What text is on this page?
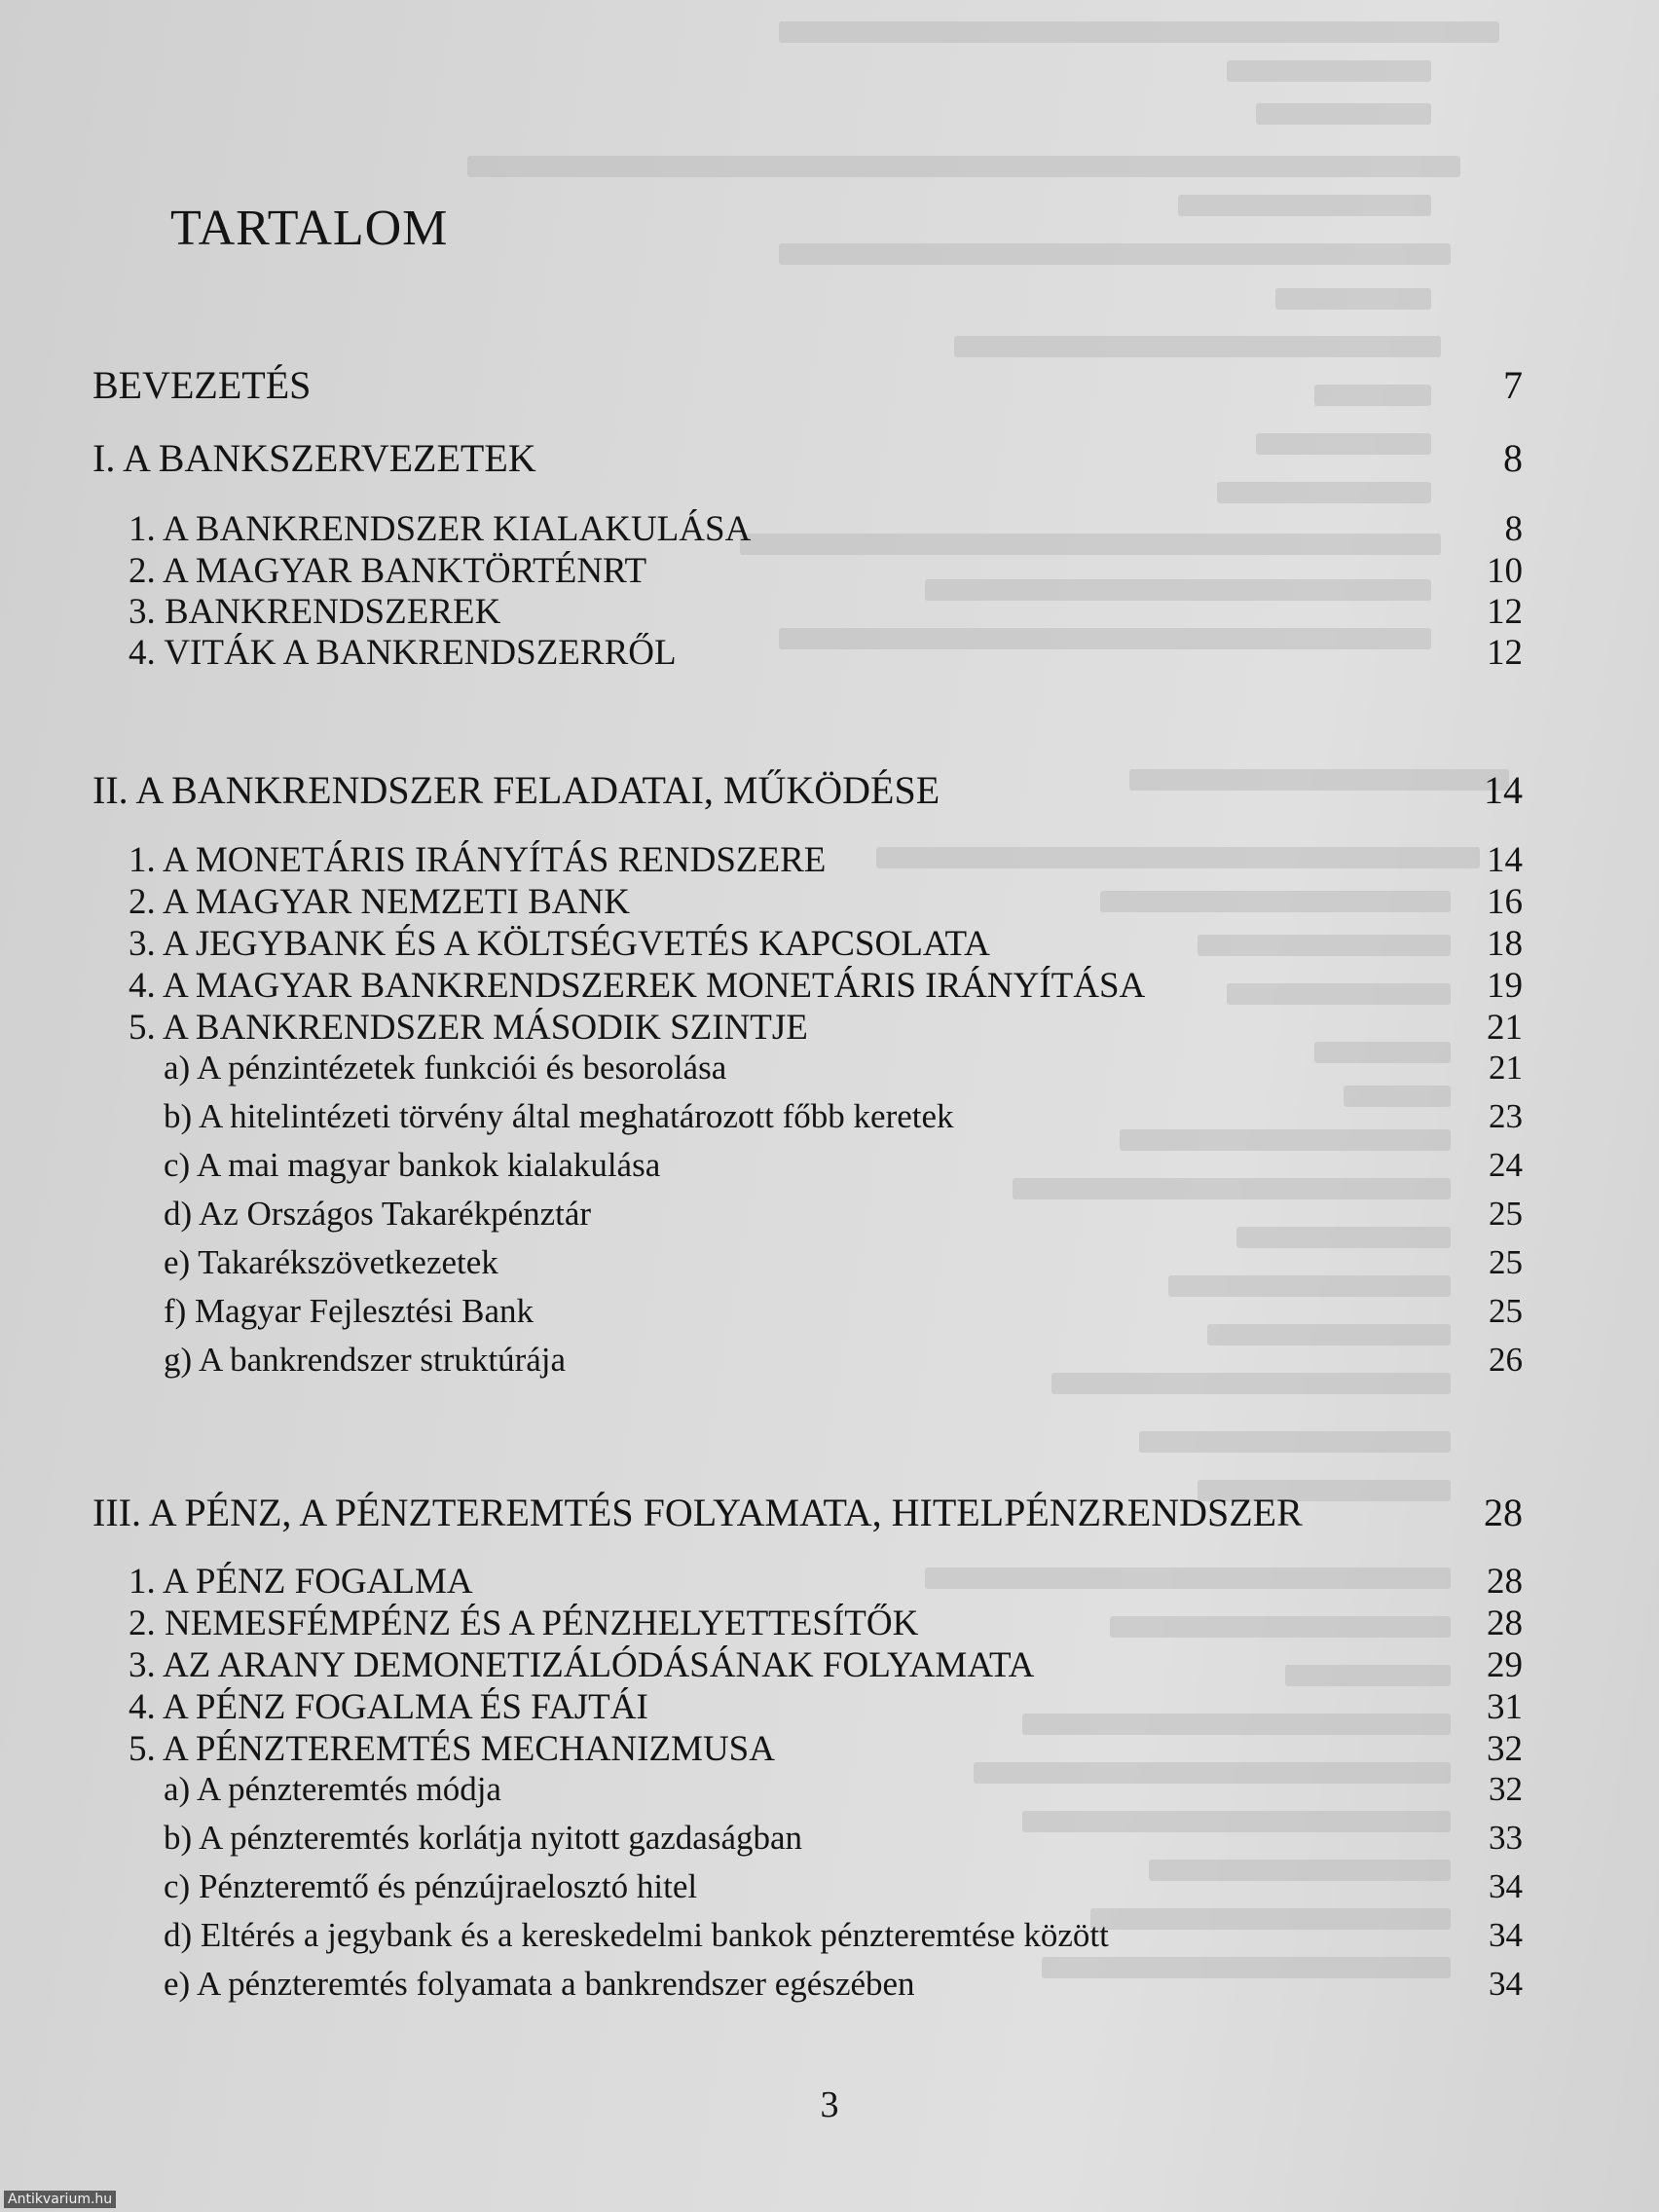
TARTALOM
BEVEZETÉS	7
I. A BANKSZERVEZETEK	8
1. A BANKRENDSZER KIALAKULÁSA	8
2. A MAGYAR BANKTÖRTÉNRT	10
3. BANKRENDSZEREK	12
4. VITÁK A BANKRENDSZERRŐL	12
II. A BANKRENDSZER FELADATAI, MŰKÖDÉSE	14
1. A MONETÁRIS IRÁNYÍTÁS RENDSZERE	14
2. A MAGYAR NEMZETI BANK	16
3. A JEGYBANK ÉS A KÖLTSÉGVETÉS KAPCSOLATA	18
4. A MAGYAR BANKRENDSZEREK MONETÁRIS IRÁNYÍTÁSA	19
5. A BANKRENDSZER MÁSODIK SZINTJE	21
a) A pénzintézetek funkciói és besorolása	21
b) A hitelintézeti törvény által meghatározott főbb keretek	23
c) A mai magyar bankok kialakulása	24
d) Az Országos Takarékpénztár	25
e) Takarékszövetkezetek	25
f) Magyar Fejlesztési Bank	25
g) A bankrendszer struktúrája	26
III. A PÉNZ, A PÉNZTEREMTÉS FOLYAMATA, HITELPÉNZRENDSZER	28
1. A PÉNZ FOGALMA	28
2. NEMESFÉMPÉNZ ÉS A PÉNZHELYETTESÍTŐK	28
3. AZ ARANY DEMONETIZÁLÓDÁSÁNAK FOLYAMATA	29
4. A PÉNZ FOGALMA ÉS FAJTÁI	31
5. A PÉNZTEREMTÉS MECHANIZMUSA	32
a) A pénzteremtés módja	32
b) A pénzteremtés korlátja nyitott gazdaságban	33
c) Pénzteremtő és pénzújraelosztó hitel	34
d) Eltérés a jegybank és a kereskedelmi bankok pénzteremtése között	34
e) A pénzteremtés folyamata a bankrendszer egészében	34
3
Antikvarium.hu
